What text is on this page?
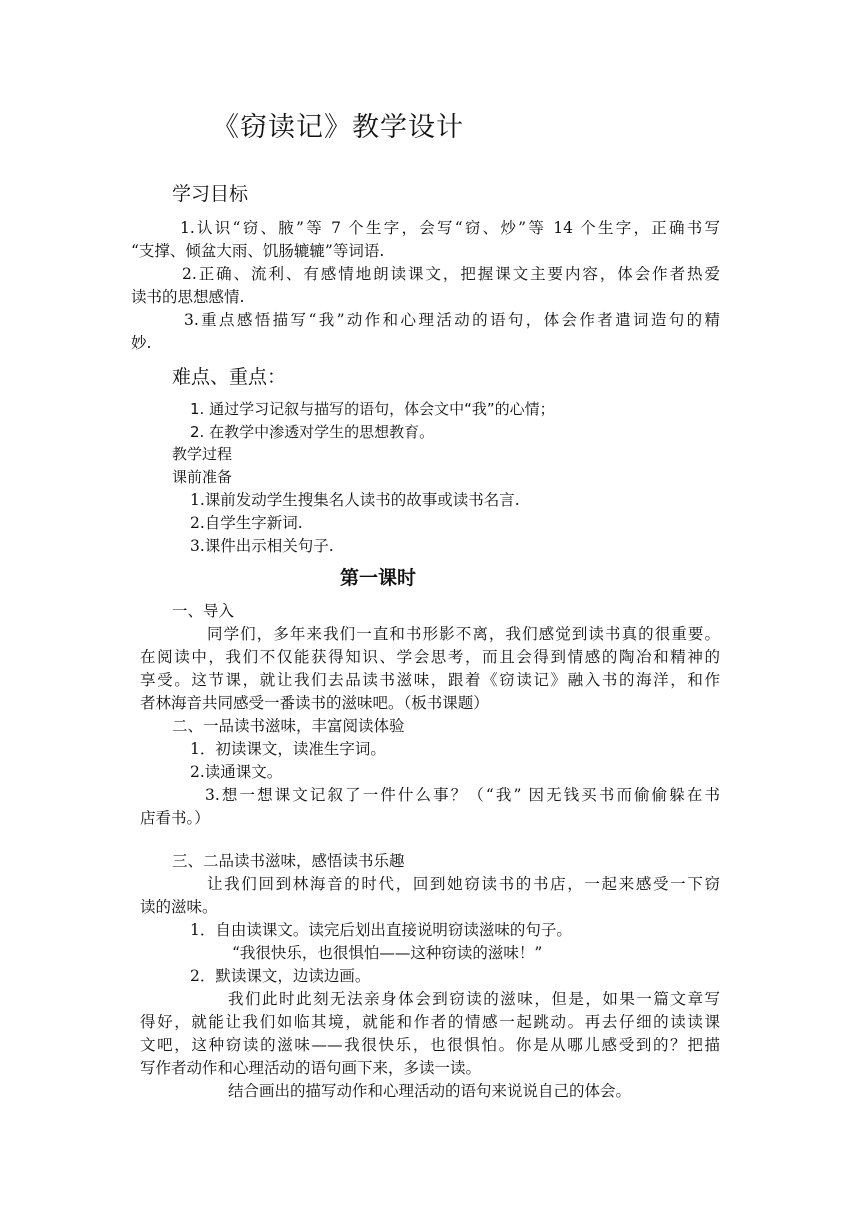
《窃读记》教学设计
学习目标
1.认识“窃、腋”等 7 个生字，会写“窃、炒”等 14 个生字，正确书写
“支撑、倾盆大雨、饥肠辘辘”等词语.
2.正确、流利、有感情地朗读课文，把握课文主要内容，体会作者热爱
读书的思想感情.
3.重点感悟描写“我”动作和心理活动的语句，体会作者遣词造句的精
妙.
难点、重点：
1. 通过学习记叙与描写的语句，体会文中“我”的心情；
2. 在教学中渗透对学生的思想教育。
教学过程
课前准备
1.课前发动学生搜集名人读书的故事或读书名言.
2.自学生字新词.
3.课件出示相关句子.
第一课时
一、导入
同学们，多年来我们一直和书形影不离，我们感觉到读书真的很重要。
在阅读中，我们不仅能获得知识、学会思考，而且会得到情感的陶冶和精神的
享受。这节课，就让我们去品读书滋味，跟着《窃读记》融入书的海洋，和作
者林海音共同感受一番读书的滋味吧。（板书课题）
二、一品读书滋味，丰富阅读体验
1．初读课文，读准生字词。
2.读通课文。
3.想一想课文记叙了一件什么事？（“我” 因无钱买书而偷偷躲在书
店看书。）
三、二品读书滋味，感悟读书乐趣
让我们回到林海音的时代，回到她窃读书的书店，一起来感受一下窃
读的滋味。
1．自由读课文。读完后划出直接说明窃读滋味的句子。
“我很快乐，也很惧怕——这种窃读的滋味！”
2．默读课文，边读边画。
我们此时此刻无法亲身体会到窃读的滋味，但是，如果一篇文章写
得好，就能让我们如临其境，就能和作者的情感一起跳动。再去仔细的读读课
文吧，这种窃读的滋味——我很快乐，也很惧怕。你是从哪儿感受到的？把描
写作者动作和心理活动的语句画下来，多读一读。
结合画出的描写动作和心理活动的语句来说说自己的体会。
